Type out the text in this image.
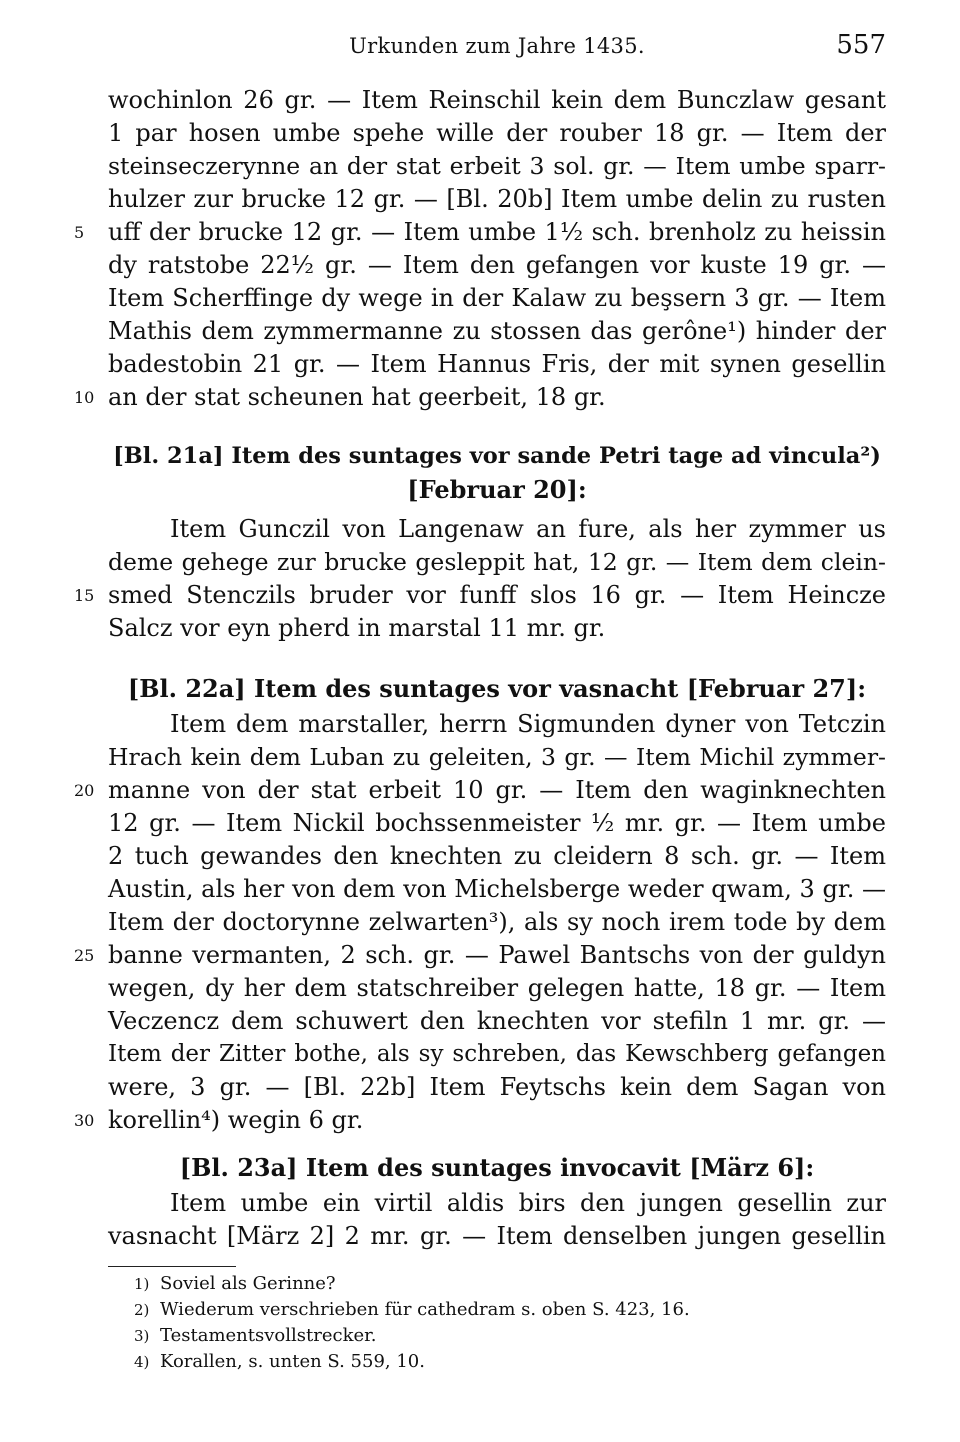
Urkunden zum Jahre 1435.	557
wochinlon 26 gr. — Item Reinschil kein dem Bunczlaw gesant
1 par hosen umbe spehe wille der rouber 18 gr. — Item der
steinseczerynne an der stat erbeit 3 sol. gr. — Item umbe sparr-
hulzer zur brucke 12 gr. — [Bl. 20b] Item umbe delin zu rusten
uff der brucke 12 gr. — Item umbe 1½ sch. brenholz zu heissin
dy ratstobe 22½ gr. — Item den gefangen vor kuste 19 gr. —
Item Scherffinge dy wege in der Kalaw zu beşsern 3 gr. — Item
Mathis dem zymmermanne zu stossen das gerône¹) hinder der
badestobin 21 gr. — Item Hannus Fris, der mit synen gesellin
an der stat scheunen hat geerbeit, 18 gr.
[Bl. 21a] Item des suntages vor sande Petri tage ad vincula²)
[Februar 20]:
Item Gunczil von Langenaw an fure, als her zymmer us
deme gehege zur brucke gesleppit hat, 12 gr. — Item dem clein-
smed Stenczils bruder vor funff slos 16 gr. — Item Heincze
Salcz vor eyn pherd in marstal 11 mr. gr.
[Bl. 22a] Item des suntages vor vasnacht [Februar 27]:
Item dem marstaller, herrn Sigmunden dyner von Tetczin
Hrach kein dem Luban zu geleiten, 3 gr. — Item Michil zymmer-
manne von der stat erbeit 10 gr. — Item den waginknechten
12 gr. — Item Nickil bochssenmeister ½ mr. gr. — Item umbe
2 tuch gewandes den knechten zu cleidern 8 sch. gr. — Item
Austin, als her von dem von Michelsberge weder qwam, 3 gr. —
Item der doctorynne zelwarten³), als sy noch irem tode by dem
banne vermanten, 2 sch. gr. — Pawel Bantschs von der guldyn
wegen, dy her dem statschreiber gelegen hatte, 18 gr. — Item
Veczencz dem schuwert den knechten vor stefiln 1 mr. gr. —
Item der Zitter bothe, als sy schreben, das Kewschberg gefangen
were, 3 gr. — [Bl. 22b] Item Feytschs kein dem Sagan von
korellin⁴) wegin 6 gr.
[Bl. 23a] Item des suntages invocavit [März 6]:
Item umbe ein virtil aldis birs den jungen gesellin zur
vasnacht [März 2] 2 mr. gr. — Item denselben jungen gesellin
5
10
15
20
25
30
1) Soviel als Gerinne?
2) Wiederum verschrieben für cathedram s. oben S. 423, 16.
3) Testamentsvollstrecker.
4) Korallen, s. unten S. 559, 10.
